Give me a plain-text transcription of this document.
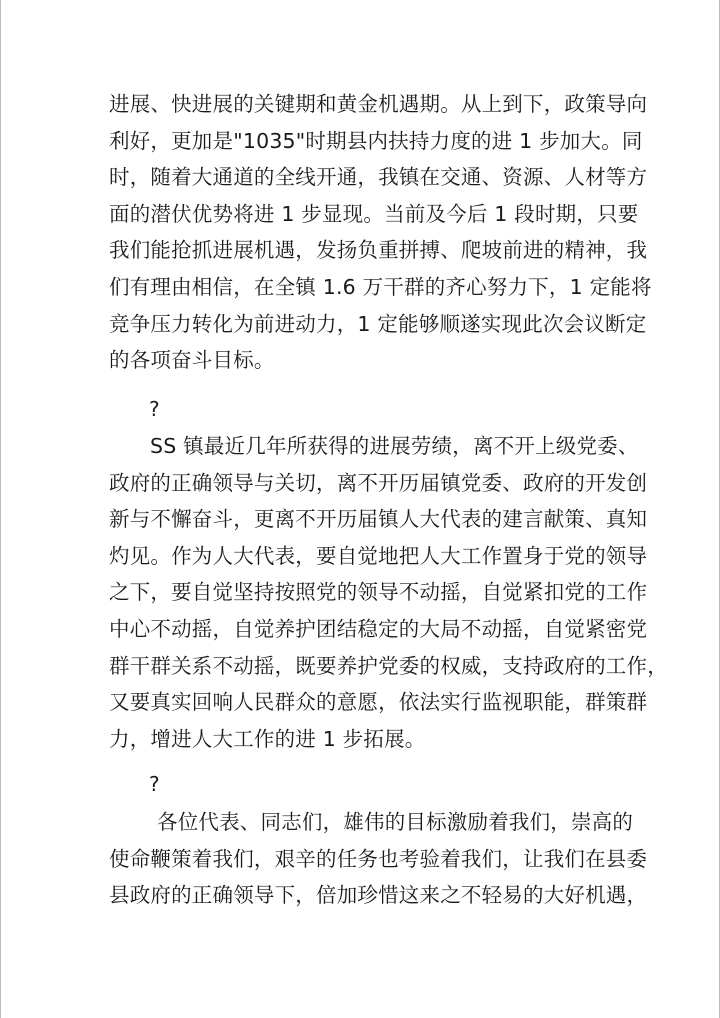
进展、快进展的关键期和黄金机遇期。从上到下，政策导向
利好，更加是"1035"时期县内扶持力度的进 1 步加大。同
时，随着大通道的全线开通，我镇在交通、资源、人材等方
面的潜伏优势将进 1 步显现。当前及今后 1 段时期，只要
我们能抢抓进展机遇，发扬负重拼搏、爬坡前进的精神，我
们有理由相信，在全镇 1.6 万干群的齐心努力下，1 定能将
竞争压力转化为前进动力，1 定能够顺遂实现此次会议断定
的各项奋斗目标。

?

SS 镇最近几年所获得的进展劳绩，离不开上级党委、
政府的正确领导与关切，离不开历届镇党委、政府的开发创
新与不懈奋斗，更离不开历届镇人大代表的建言献策、真知
灼见。作为人大代表，要自觉地把人大工作置身于党的领导
之下，要自觉坚持按照党的领导不动摇，自觉紧扣党的工作
中心不动摇，自觉养护团结稳定的大局不动摇，自觉紧密党
群干群关系不动摇，既要养护党委的权威，支持政府的工作，
又要真实回响人民群众的意愿，依法实行监视职能，群策群
力，增进人大工作的进 1 步拓展。

?

各位代表、同志们，雄伟的目标激励着我们，崇高的
使命鞭策着我们，艰辛的任务也考验着我们，让我们在县委
县政府的正确领导下，倍加珍惜这来之不轻易的大好机遇，
